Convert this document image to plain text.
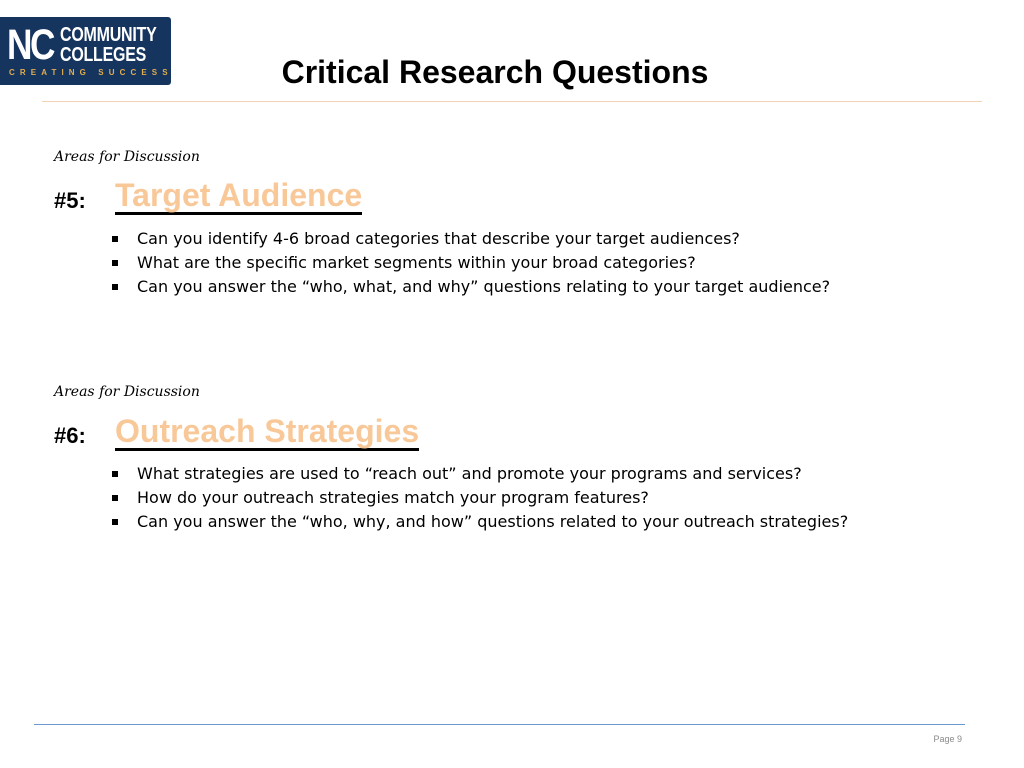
NC COMMUNITY
COLLEGES
CREATING SUCCESS	Critical Research Questions
Areas for Discussion
#5: Target Audience
Can you identify 4-6 broad categories that describe your target audiences?
What are the specific market segments within your broad categories?
Can you answer the “who, what, and why” questions relating to your target audience?
Areas for Discussion
#6: Outreach Strategies
What strategies are used to “reach out” and promote your programs and services?
How do your outreach strategies match your program features?
Can you answer the “who, why, and how” questions related to your outreach strategies?
Page 9
